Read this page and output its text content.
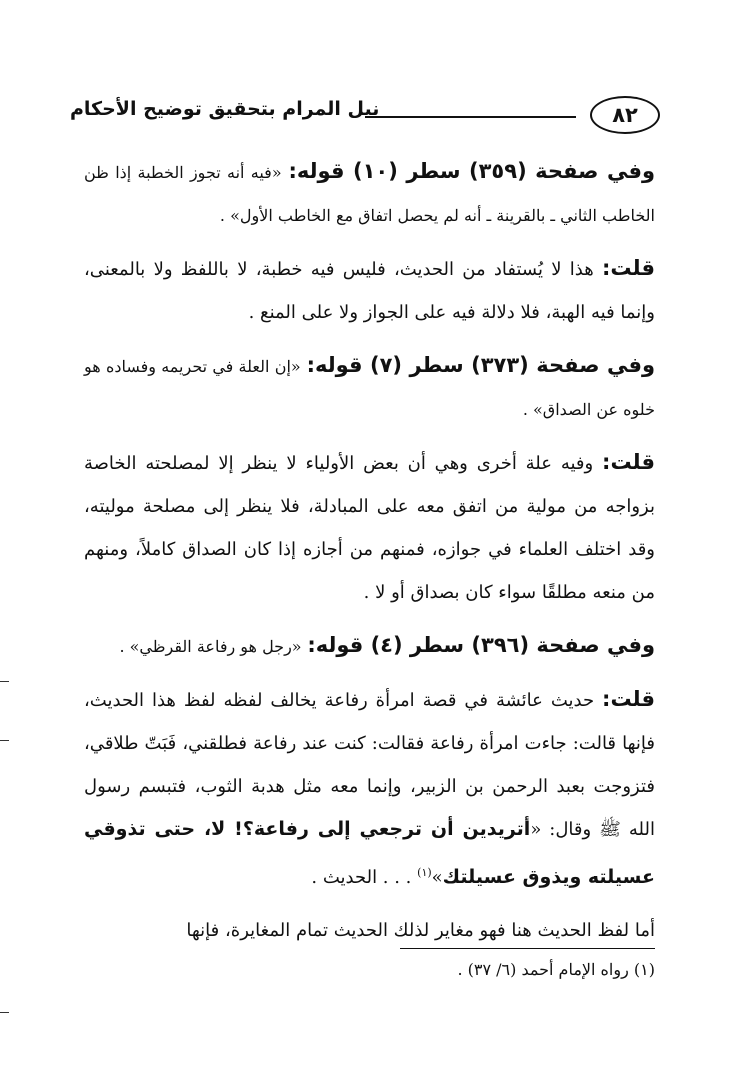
٨٢
نيل المرام بتحقيق توضيح الأحكام

وفي صفحة (٣٥٩) سطر (١٠) قوله: «فيه أنه تجوز الخطبة إذا ظن الخاطب الثاني ـ بالقرينة ـ أنه لم يحصل اتفاق مع الخاطب الأول» .

قلت: هذا لا يُستفاد من الحديث، فليس فيه خطبة، لا باللفظ ولا بالمعنى، وإنما فيه الهبة، فلا دلالة فيه على الجواز ولا على المنع .

وفي صفحة (٣٧٣) سطر (٧) قوله: «إن العلة في تحريمه وفساده هو خلوه عن الصداق» .

قلت: وفيه علة أخرى وهي أن بعض الأولياء لا ينظر إلا لمصلحته الخاصة بزواجه من مولية من اتفق معه على المبادلة، فلا ينظر إلى مصلحة موليته، وقد اختلف العلماء في جوازه، فمنهم من أجازه إذا كان الصداق كاملاً، ومنهم من منعه مطلقًا سواء كان بصداق أو لا .

وفي صفحة (٣٩٦) سطر (٤) قوله: «رجل هو رفاعة القرظي» .

قلت: حديث عائشة في قصة امرأة رفاعة يخالف لفظه لفظ هذا الحديث، فإنها قالت: جاءت امرأة رفاعة فقالت: كنت عند رفاعة فطلقني، فَبَتّ طلاقي، فتزوجت بعبد الرحمن بن الزبير، وإنما معه مثل هدبة الثوب، فتبسم رسول الله ﷺ وقال: «أتريدين أن ترجعي إلى رفاعة؟! لا، حتى تذوقي عسيلته ويذوق عسيلتك»$^{(١)}$ . . . الحديث .

أما لفظ الحديث هنا فهو مغاير لذلك الحديث تمام المغايرة، فإنها

(١) رواه الإمام أحمد (٦/ ٣٧) .
